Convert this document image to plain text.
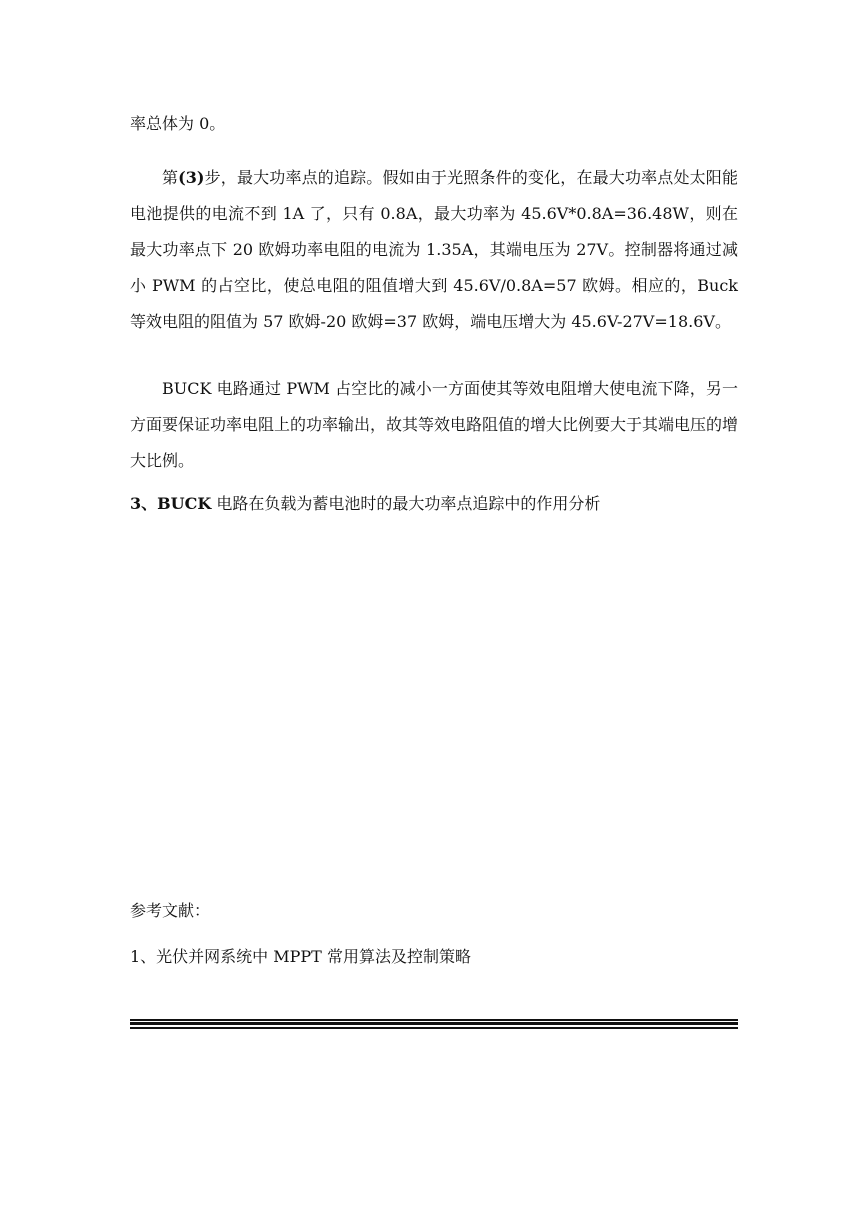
率总体为 0。

第(3)步，最大功率点的追踪。假如由于光照条件的变化，在最大功率点处太阳能电池提供的电流不到 1A 了，只有 0.8A，最大功率为 45.6V*0.8A=36.48W，则在最大功率点下 20 欧姆功率电阻的电流为 1.35A，其端电压为 27V。控制器将通过减小 PWM 的占空比，使总电阻的阻值增大到 45.6V/0.8A=57 欧姆。相应的，Buck 等效电阻的阻值为 57 欧姆-20 欧姆=37 欧姆，端电压增大为 45.6V-27V=18.6V。

BUCK 电路通过 PWM 占空比的减小一方面使其等效电阻增大使电流下降，另一方面要保证功率电阻上的功率输出，故其等效电路阻值的增大比例要大于其端电压的增大比例。

3、BUCK 电路在负载为蓄电池时的最大功率点追踪中的作用分析

参考文献：

1、光伏并网系统中 MPPT 常用算法及控制策略
